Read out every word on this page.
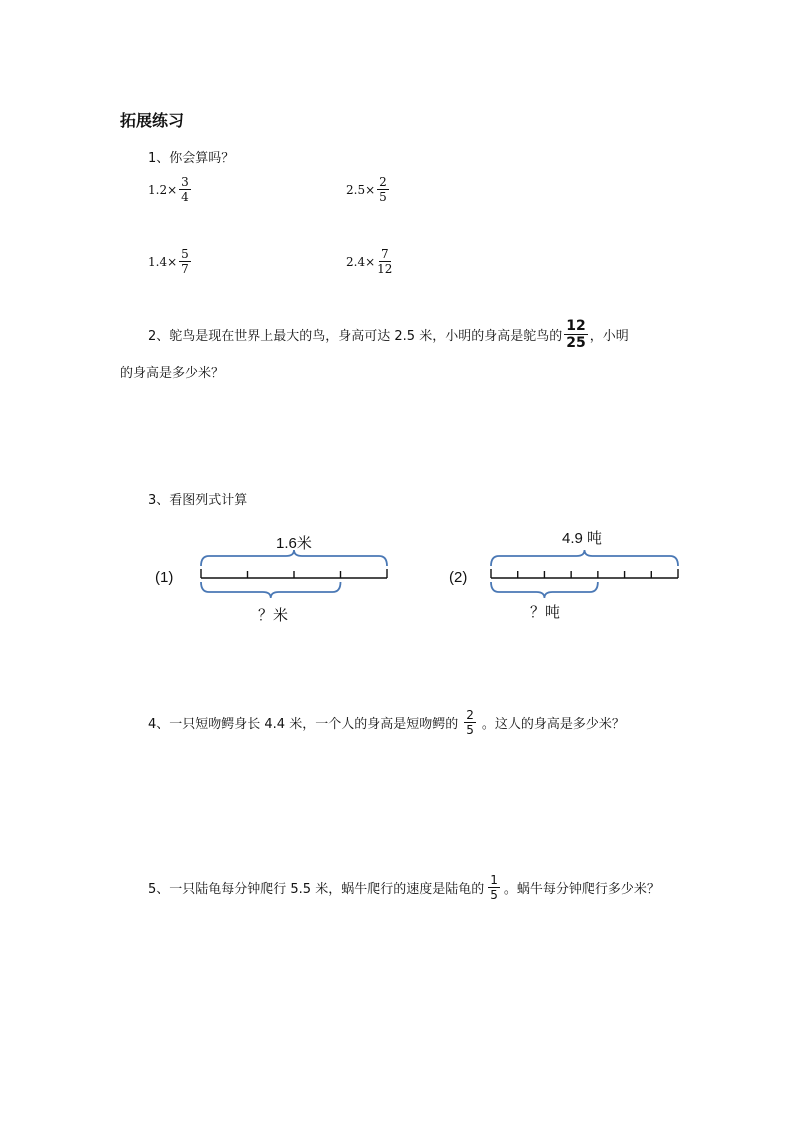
拓展练习
1、你会算吗？
$1.2 \times \frac{3}{4}$	$2.5 \times \frac{2}{5}$
$1.4 \times \frac{5}{7}$	$2.4 \times \frac{7}{12}$
2、鸵鸟是现在世界上最大的鸟，身高可达 2.5 米，小明的身高是鸵鸟的 $\frac{12}{25}$ ，小明
的身高是多少米？
3、看图列式计算
(1)
1.6米
？米
(2)
4.9 吨
？吨
4、一只短吻鳄身长 4.4 米，一个人的身高是短吻鳄的 $\frac{2}{5}$ 。这人的身高是多少米？
5、一只陆龟每分钟爬行 5.5 米，蜗牛爬行的速度是陆龟的 $\frac{1}{5}$ 。蜗牛每分钟爬行多少米？
